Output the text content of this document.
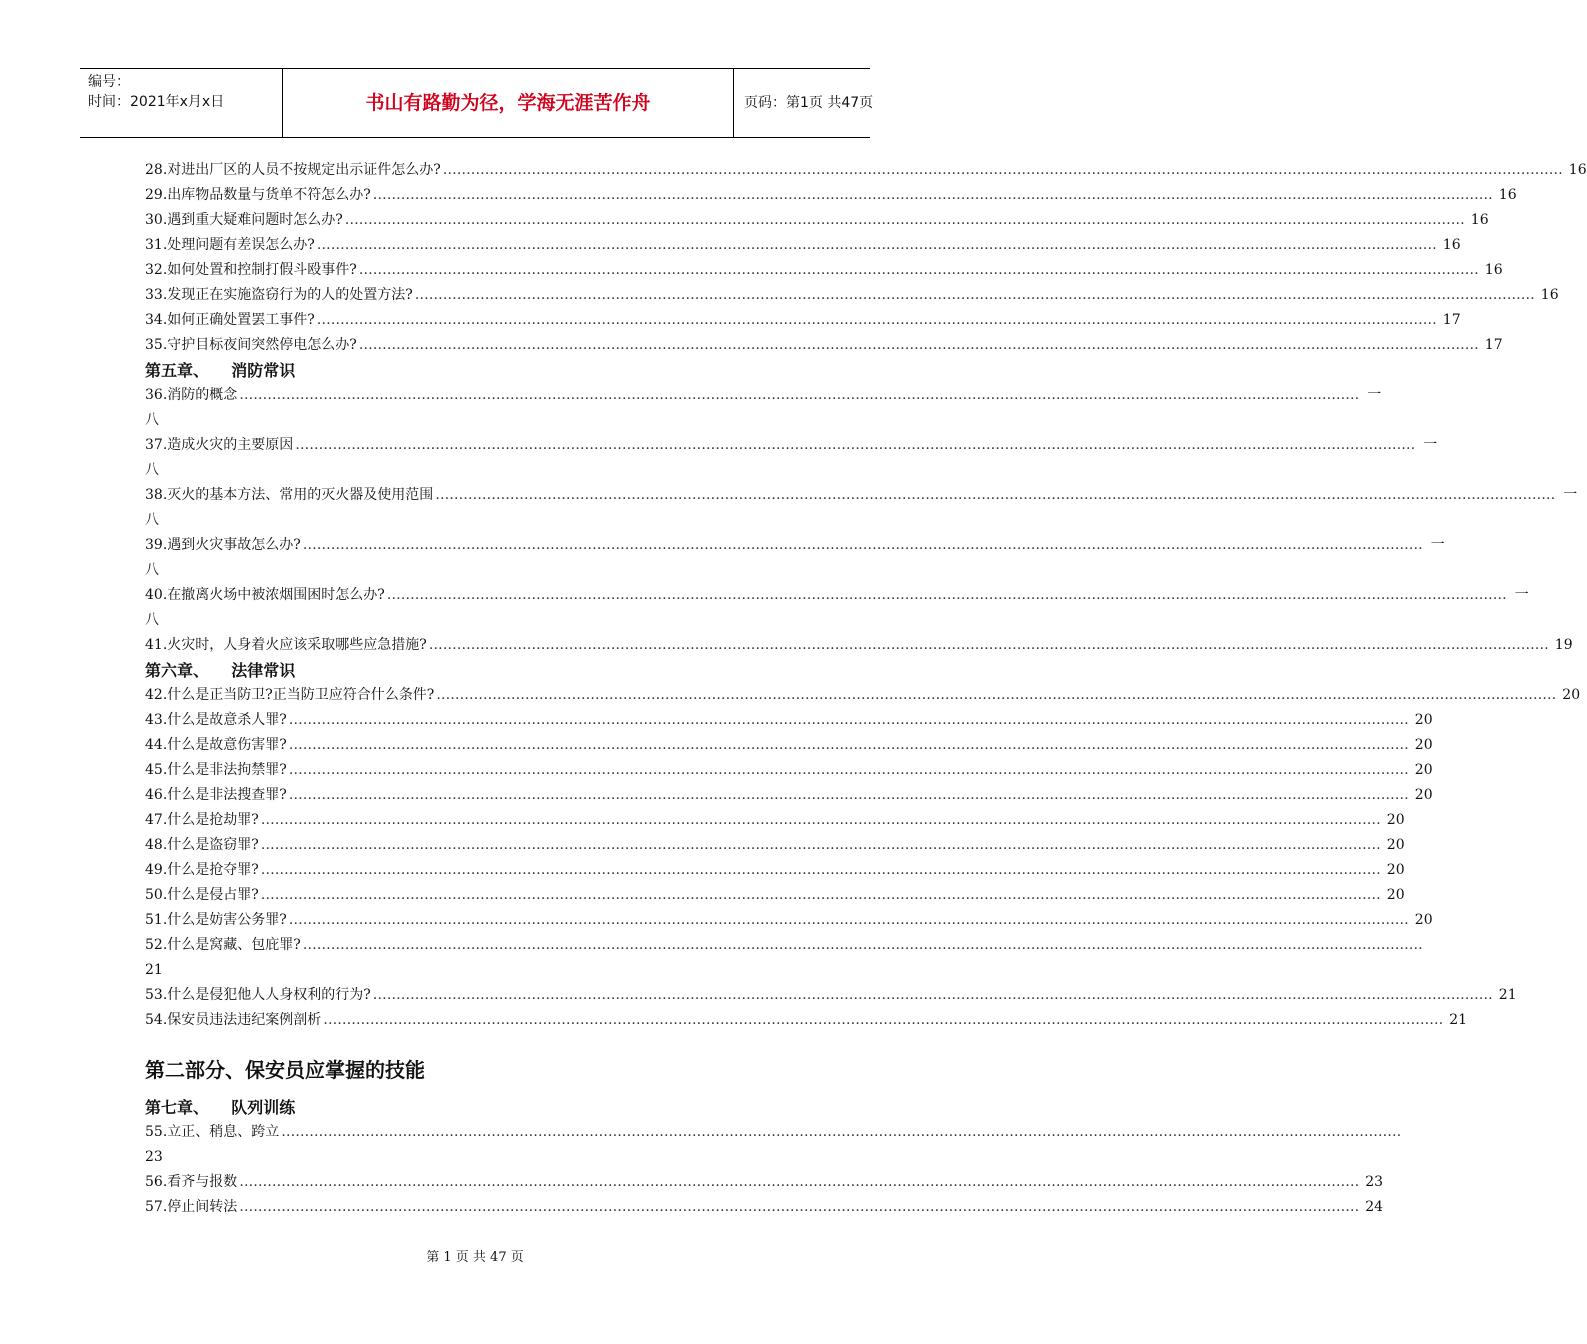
编号：
时间：2021年x月x日	书山有路勤为径，学海无涯苦作舟	页码：第1页 共47页
28.对进出厂区的人员不按规定出示证件怎么办? …………………………………………………………………………………………………………………………………………………………………………………………………………………… 16
29.出库物品数量与货单不符怎么办? …………………………………………………………………………………………………………………………………………………………………………………………………………………… 16
30.遇到重大疑难问题时怎么办? …………………………………………………………………………………………………………………………………………………………………………………………………………………… 16
31.处理问题有差误怎么办? …………………………………………………………………………………………………………………………………………………………………………………………………………………… 16
32.如何处置和控制打假斗殴事件? …………………………………………………………………………………………………………………………………………………………………………………………………………………… 16
33.发现正在实施盗窃行为的人的处置方法? …………………………………………………………………………………………………………………………………………………………………………………………………………………… 16
34.如何正确处置罢工事件? …………………………………………………………………………………………………………………………………………………………………………………………………………………… 17
35.守护目标夜间突然停电怎么办? …………………………………………………………………………………………………………………………………………………………………………………………………………………… 17
第五章、    消防常识
36.消防的概念 …………………………………………………………………………………………………………………………………………………………………………………………………………………… 一
八
37.造成火灾的主要原因 …………………………………………………………………………………………………………………………………………………………………………………………………………………… 一
八
38.灭火的基本方法、常用的灭火器及使用范围 …………………………………………………………………………………………………………………………………………………………………………………………………………………… 一
八
39.遇到火灾事故怎么办? …………………………………………………………………………………………………………………………………………………………………………………………………………………… 一
八
40.在撤离火场中被浓烟围困时怎么办? …………………………………………………………………………………………………………………………………………………………………………………………………………………… 一
八
41.火灾时，人身着火应该采取哪些应急措施? …………………………………………………………………………………………………………………………………………………………………………………………………………………… 19
第六章、    法律常识
42.什么是正当防卫?正当防卫应符合什么条件? …………………………………………………………………………………………………………………………………………………………………………………………………………………… 20
43.什么是故意杀人罪? …………………………………………………………………………………………………………………………………………………………………………………………………………………… 20
44.什么是故意伤害罪? …………………………………………………………………………………………………………………………………………………………………………………………………………………… 20
45.什么是非法拘禁罪? …………………………………………………………………………………………………………………………………………………………………………………………………………………… 20
46.什么是非法搜查罪? …………………………………………………………………………………………………………………………………………………………………………………………………………………… 20
47.什么是抢劫罪? …………………………………………………………………………………………………………………………………………………………………………………………………………………… 20
48.什么是盗窃罪? …………………………………………………………………………………………………………………………………………………………………………………………………………………… 20
49.什么是抢夺罪? …………………………………………………………………………………………………………………………………………………………………………………………………………………… 20
50.什么是侵占罪? …………………………………………………………………………………………………………………………………………………………………………………………………………………… 20
51.什么是妨害公务罪? …………………………………………………………………………………………………………………………………………………………………………………………………………………… 20
52.什么是窝藏、包庇罪? ……………………………………………………………………………………………………………………………………………………………………………………………………………………
21
53.什么是侵犯他人人身权利的行为? …………………………………………………………………………………………………………………………………………………………………………………………………………………… 21
54.保安员违法违纪案例剖析 …………………………………………………………………………………………………………………………………………………………………………………………………………………… 21
第二部分、保安员应掌握的技能
第七章、    队列训练
55.立正、稍息、跨立 ……………………………………………………………………………………………………………………………………………………………………………………………………………………
23
56.看齐与报数 …………………………………………………………………………………………………………………………………………………………………………………………………………………… 23
57.停止间转法 …………………………………………………………………………………………………………………………………………………………………………………………………………………… 24
第 1 页 共 47 页
